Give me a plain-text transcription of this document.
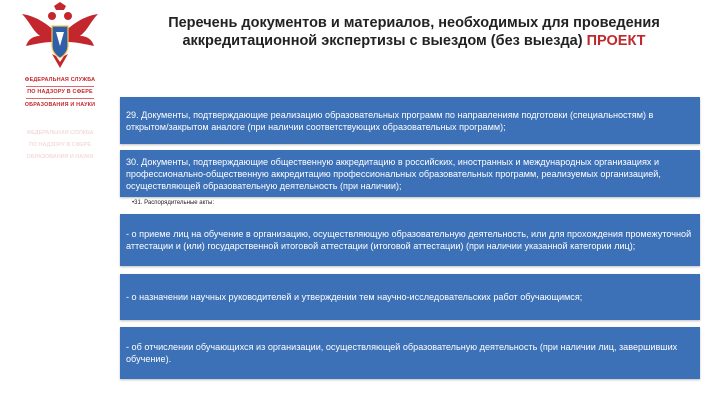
ФЕДЕРАЛЬНАЯ СЛУЖБА
ПО НАДЗОРУ В СФЕРЕ
ОБРАЗОВАНИЯ И НАУКИ
ФЕДЕРАЛЬНАЯ СЛУЖБА
ПО НАДЗОРУ В СФЕРЕ
ОБРАЗОВАНИЯ И НАУКИ
Перечень документов и материалов, необходимых для проведения аккредитационной экспертизы с выездом (без выезда) ПРОЕКТ
29. Документы, подтверждающие реализацию образовательных программ по направлениям подготовки (специальностям) в открытом/закрытом аналоге (при наличии соответствующих образовательных программ);
30. Документы, подтверждающие общественную аккредитацию в российских, иностранных и международных организациях и профессионально-общественную аккредитацию профессиональных образовательных программ, реализуемых организацией, осуществляющей образовательную деятельность (при наличии);
•31. Распорядительные акты:
- о приеме лиц на обучение в организацию, осуществляющую образовательную деятельность, или для прохождения промежуточной аттестации и (или) государственной итоговой аттестации (итоговой аттестации) (при наличии указанной категории лиц);
- о назначении научных руководителей и утверждении тем научно-исследовательских работ обучающимся;
- об отчислении обучающихся из организации, осуществляющей образовательную деятельность (при наличии лиц, завершивших обучение).
